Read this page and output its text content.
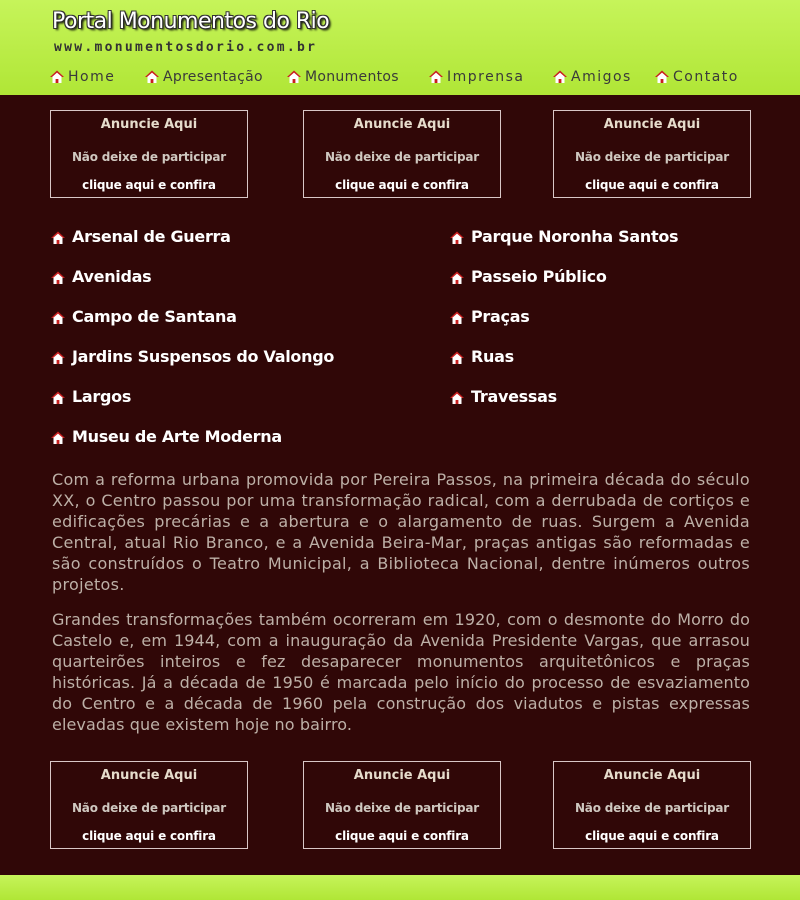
Portal Monumentos do Rio
www.monumentosdorio.com.br
Home	Apresentação	Monumentos	Imprensa	Amigos	Contato
Anuncie Aqui
Não deixe de participar
clique aqui e confira
Anuncie Aqui
Não deixe de participar
clique aqui e confira
Anuncie Aqui
Não deixe de participar
clique aqui e confira
Arsenal de Guerra
Avenidas
Campo de Santana
Jardins Suspensos do Valongo
Largos
Museu de Arte Moderna
Parque Noronha Santos
Passeio Público
Praças
Ruas
Travessas

Com a reforma urbana promovida por Pereira Passos, na primeira década do século XX, o Centro passou por uma transformação radical, com a derrubada de cortiços e edificações precárias e a abertura e o alargamento de ruas. Surgem a Avenida Central, atual Rio Branco, e a Avenida Beira-Mar, praças antigas são reformadas e são construídos o Teatro Municipal, a Biblioteca Nacional, dentre inúmeros outros projetos.

Grandes transformações também ocorreram em 1920, com o desmonte do Morro do Castelo e, em 1944, com a inauguração da Avenida Presidente Vargas, que arrasou quarteirões inteiros e fez desaparecer monumentos arquitetônicos e praças históricas. Já a década de 1950 é marcada pelo início do processo de esvaziamento do Centro e a década de 1960 pela construção dos viadutos e pistas expressas elevadas que existem hoje no bairro.

Anuncie Aqui
Não deixe de participar
clique aqui e confira
Anuncie Aqui
Não deixe de participar
clique aqui e confira
Anuncie Aqui
Não deixe de participar
clique aqui e confira
